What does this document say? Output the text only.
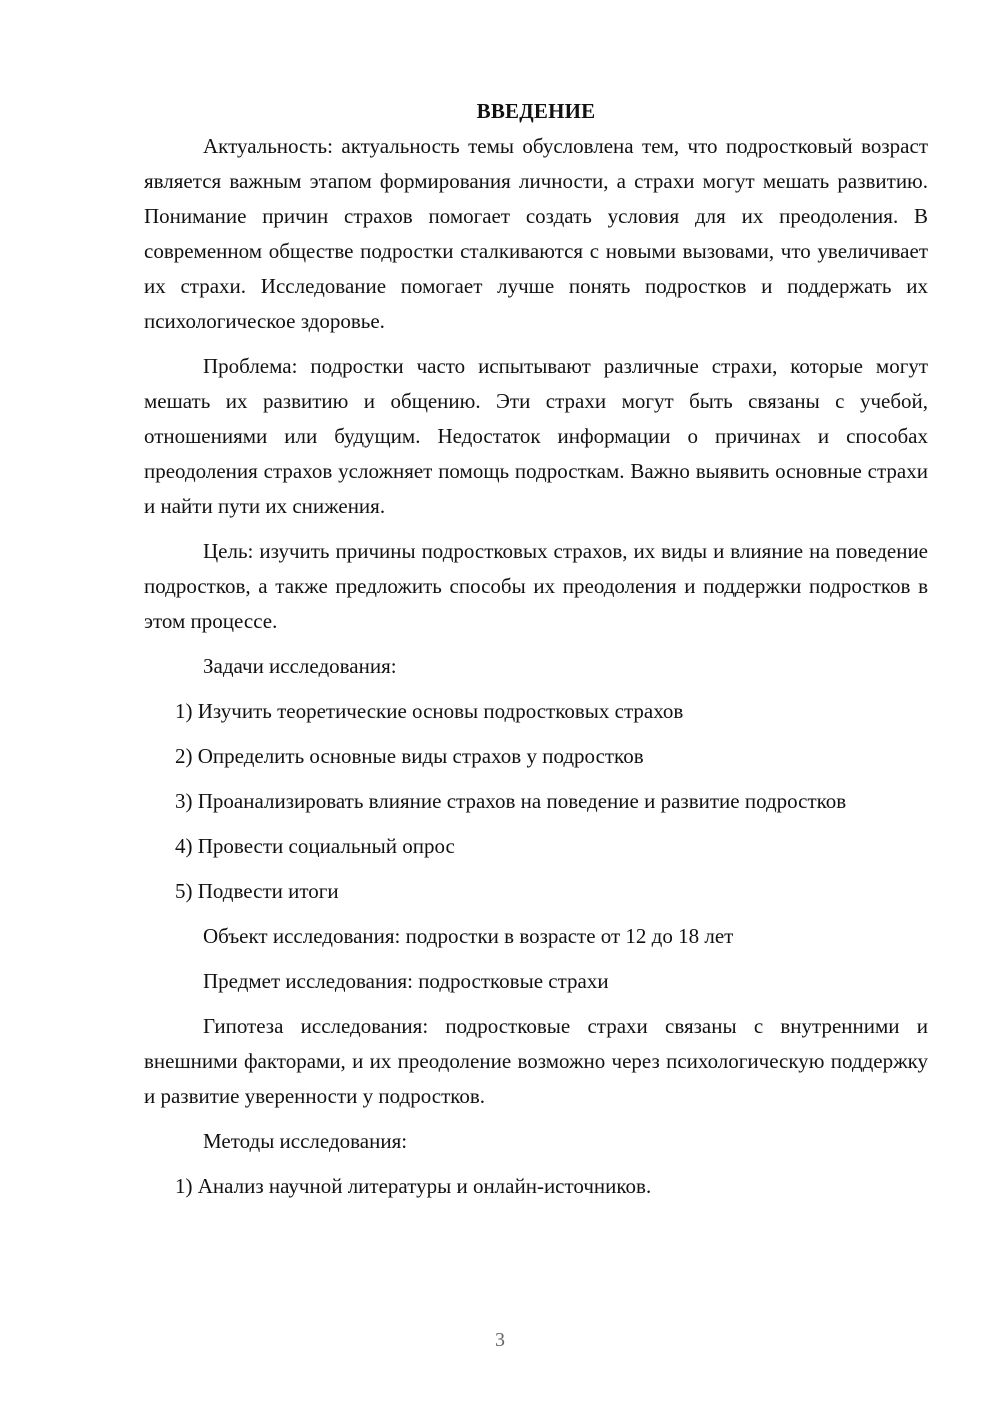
ВВЕДЕНИЕ

Актуальность: актуальность темы обусловлена тем, что подростковый возраст является важным этапом формирования личности, а страхи могут мешать развитию. Понимание причин страхов помогает создать условия для их преодоления. В современном обществе подростки сталкиваются с новыми вызовами, что увеличивает их страхи. Исследование помогает лучше понять подростков и поддержать их психологическое здоровье.

Проблема: подростки часто испытывают различные страхи, которые могут мешать их развитию и общению. Эти страхи могут быть связаны с учебой, отношениями или будущим. Недостаток информации о причинах и способах преодоления страхов усложняет помощь подросткам. Важно выявить основные страхи и найти пути их снижения.

Цель: изучить причины подростковых страхов, их виды и влияние на поведение подростков, а также предложить способы их преодоления и поддержки подростков в этом процессе.

Задачи исследования:

1) Изучить теоретические основы подростковых страхов

2) Определить основные виды страхов у подростков

3) Проанализировать влияние страхов на поведение и развитие подростков

4) Провести социальный опрос

5) Подвести итоги

Объект исследования: подростки в возрасте от 12 до 18 лет

Предмет исследования: подростковые страхи

Гипотеза исследования: подростковые страхи связаны с внутренними и внешними факторами, и их преодоление возможно через психологическую поддержку и развитие уверенности у подростков.

Методы исследования:

1) Анализ научной литературы и онлайн-источников.

3
